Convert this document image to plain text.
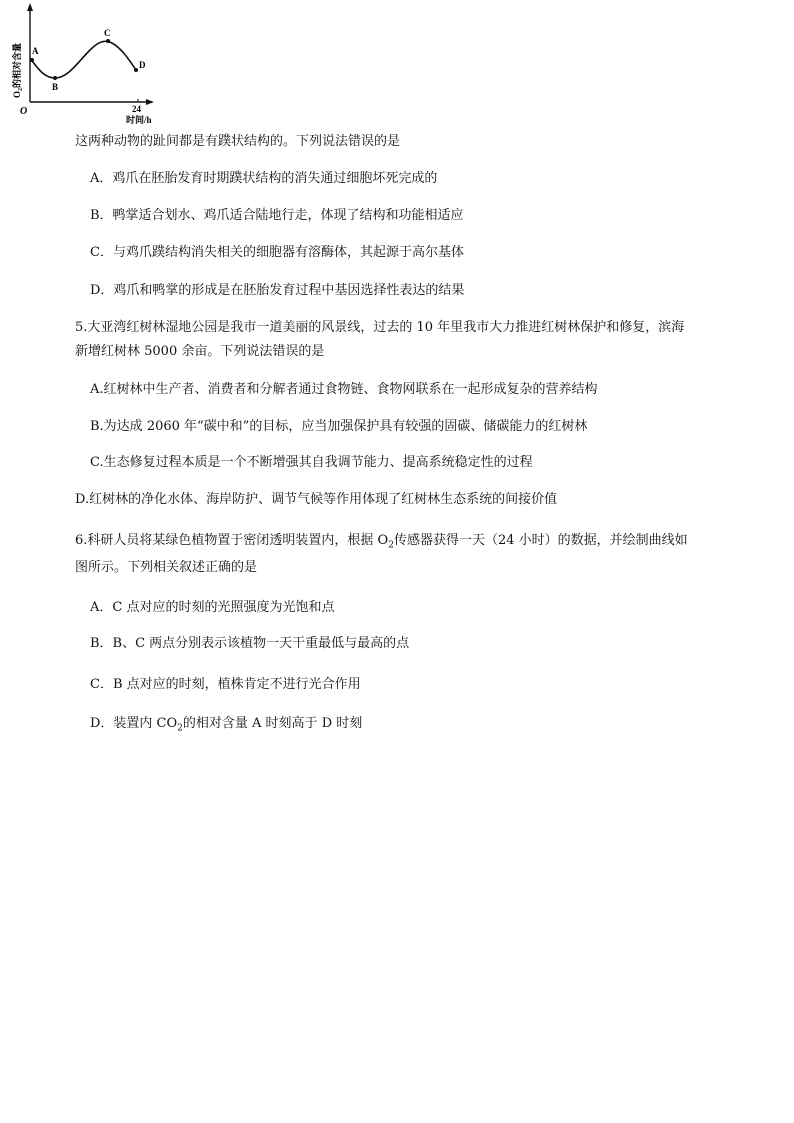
$O_2$的相对含量
O	24
时间/h
A
B
C
D
这两种动物的趾间都是有蹼状结构的。下列说法错误的是
A．鸡爪在胚胎发育时期蹼状结构的消失通过细胞坏死完成的
B．鸭掌适合划水、鸡爪适合陆地行走，体现了结构和功能相适应
C．与鸡爪蹼结构消失相关的细胞器有溶酶体，其起源于高尔基体
D．鸡爪和鸭掌的形成是在胚胎发育过程中基因选择性表达的结果
5.大亚湾红树林湿地公园是我市一道美丽的风景线，过去的 10 年里我市大力推进红树林保护和修复，滨海
新增红树林 5000 余亩。下列说法错误的是
A.红树林中生产者、消费者和分解者通过食物链、食物网联系在一起形成复杂的营养结构
B.为达成 2060 年“碳中和”的目标，应当加强保护具有较强的固碳、储碳能力的红树林
C.生态修复过程本质是一个不断增强其自我调节能力、提高系统稳定性的过程
D.红树林的净化水体、海岸防护、调节气候等作用体现了红树林生态系统的间接价值
6.科研人员将某绿色植物置于密闭透明装置内，根据 $O_2$传感器获得一天（24 小时）的数据，并绘制曲线如
图所示。下列相关叙述正确的是
A．C 点对应的时刻的光照强度为光饱和点
B．B、C 两点分别表示该植物一天干重最低与最高的点
C．B 点对应的时刻，植株肯定不进行光合作用
D．装置内 $CO_2$的相对含量 A 时刻高于 D 时刻
